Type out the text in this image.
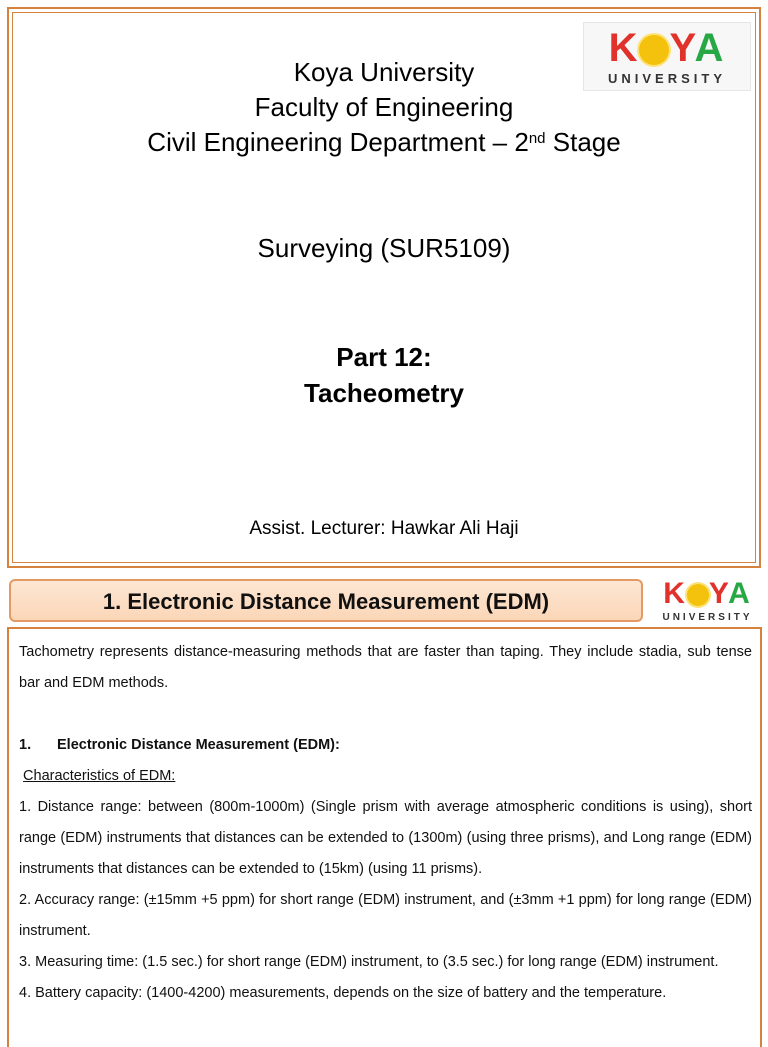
Koya University
Faculty of Engineering
Civil Engineering Department – 2nd Stage
Surveying (SUR5109)
Part 12:
Tacheometry
Assist. Lecturer: Hawkar Ali Haji
K YA
UNIVERSITY
1. Electronic Distance Measurement (EDM)	K YA
UNIVERSITY

Tachometry represents distance-measuring methods that are faster than taping. They include stadia, sub tense bar and EDM methods.

1. Electronic Distance Measurement (EDM):

Characteristics of EDM:

1. Distance range: between (800m-1000m) (Single prism with average atmospheric conditions is using), short range (EDM) instruments that distances can be extended to (1300m) (using three prisms), and Long range (EDM) instruments that distances can be extended to (15km) (using 11 prisms).

2. Accuracy range: (±15mm +5 ppm) for short range (EDM) instrument, and (±3mm +1 ppm) for long range (EDM) instrument.

3. Measuring time: (1.5 sec.) for short range (EDM) instrument, to (3.5 sec.) for long range (EDM) instrument.

4. Battery capacity: (1400-4200) measurements, depends on the size of battery and the temperature.
